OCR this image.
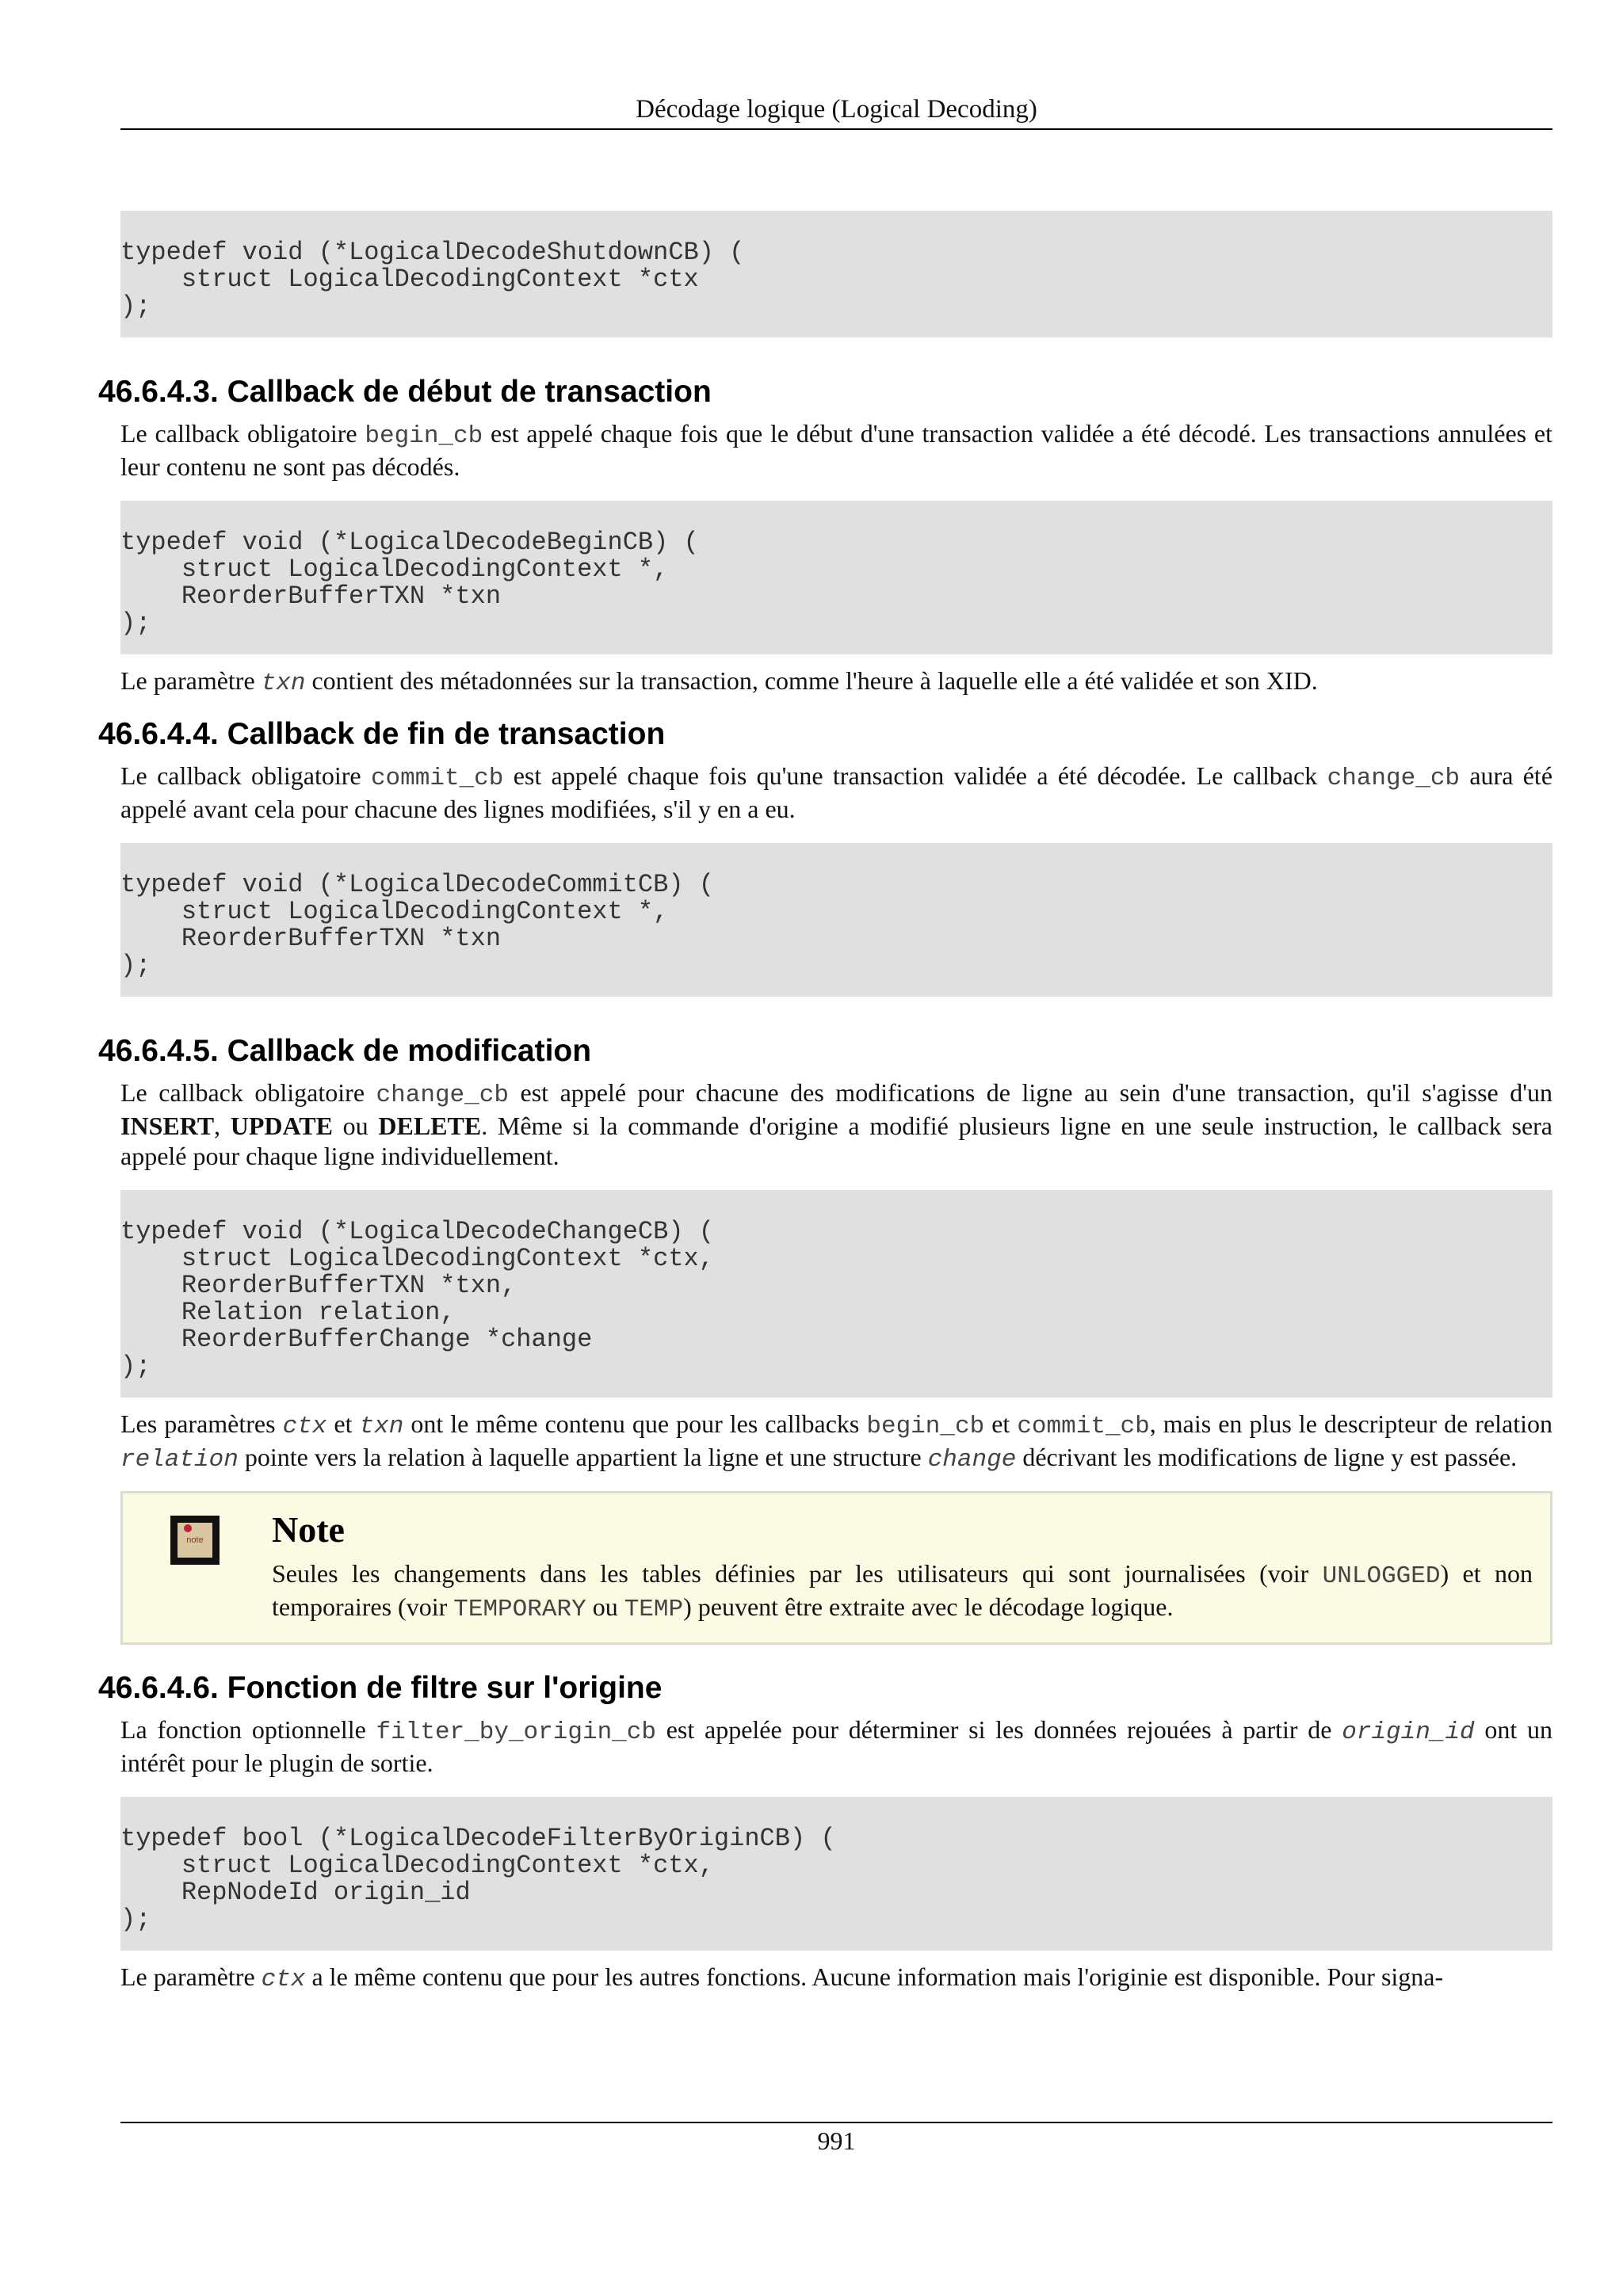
Décodage logique (Logical Decoding)
typedef void (*LogicalDecodeShutdownCB) (
struct LogicalDecodingContext *ctx
);
46.6.4.3. Callback de début de transaction

Le callback obligatoire begin_cb est appelé chaque fois que le début d'une transaction validée a été décodé. Les transactions annulées et leur contenu ne sont pas décodés.

typedef void (*LogicalDecodeBeginCB) (
struct LogicalDecodingContext *,
ReorderBufferTXN *txn
);

Le paramètre txn contient des métadonnées sur la transaction, comme l'heure à laquelle elle a été validée et son XID.

46.6.4.4. Callback de fin de transaction

Le callback obligatoire commit_cb est appelé chaque fois qu'une transaction validée a été décodée. Le callback change_cb aura été appelé avant cela pour chacune des lignes modifiées, s'il y en a eu.

typedef void (*LogicalDecodeCommitCB) (
struct LogicalDecodingContext *,
ReorderBufferTXN *txn
);
46.6.4.5. Callback de modification

Le callback obligatoire change_cb est appelé pour chacune des modifications de ligne au sein d'une transaction, qu'il s'agisse d'un INSERT, UPDATE ou DELETE. Même si la commande d'origine a modifié plusieurs ligne en une seule instruction, le callback sera appelé pour chaque ligne individuellement.

typedef void (*LogicalDecodeChangeCB) (
struct LogicalDecodingContext *ctx,
ReorderBufferTXN *txn,
Relation relation,
ReorderBufferChange *change
);

Les paramètres ctx et txn ont le même contenu que pour les callbacks begin_cb et commit_cb, mais en plus le descripteur de relation relation pointe vers la relation à laquelle appartient la ligne et une structure change décrivant les modifications de ligne y est passée.

note Note

Seules les changements dans les tables définies par les utilisateurs qui sont journalisées (voir UNLOGGED) et non temporaires (voir TEMPORARY ou TEMP) peuvent être extraite avec le décodage logique.

46.6.4.6. Fonction de filtre sur l'origine

La fonction optionnelle filter_by_origin_cb est appelée pour déterminer si les données rejouées à partir de origin_id ont un intérêt pour le plugin de sortie.

typedef bool (*LogicalDecodeFilterByOriginCB) (
struct LogicalDecodingContext *ctx,
RepNodeId origin_id
);

Le paramètre ctx a le même contenu que pour les autres fonctions. Aucune information mais l'originie est disponible. Pour signa-

991
